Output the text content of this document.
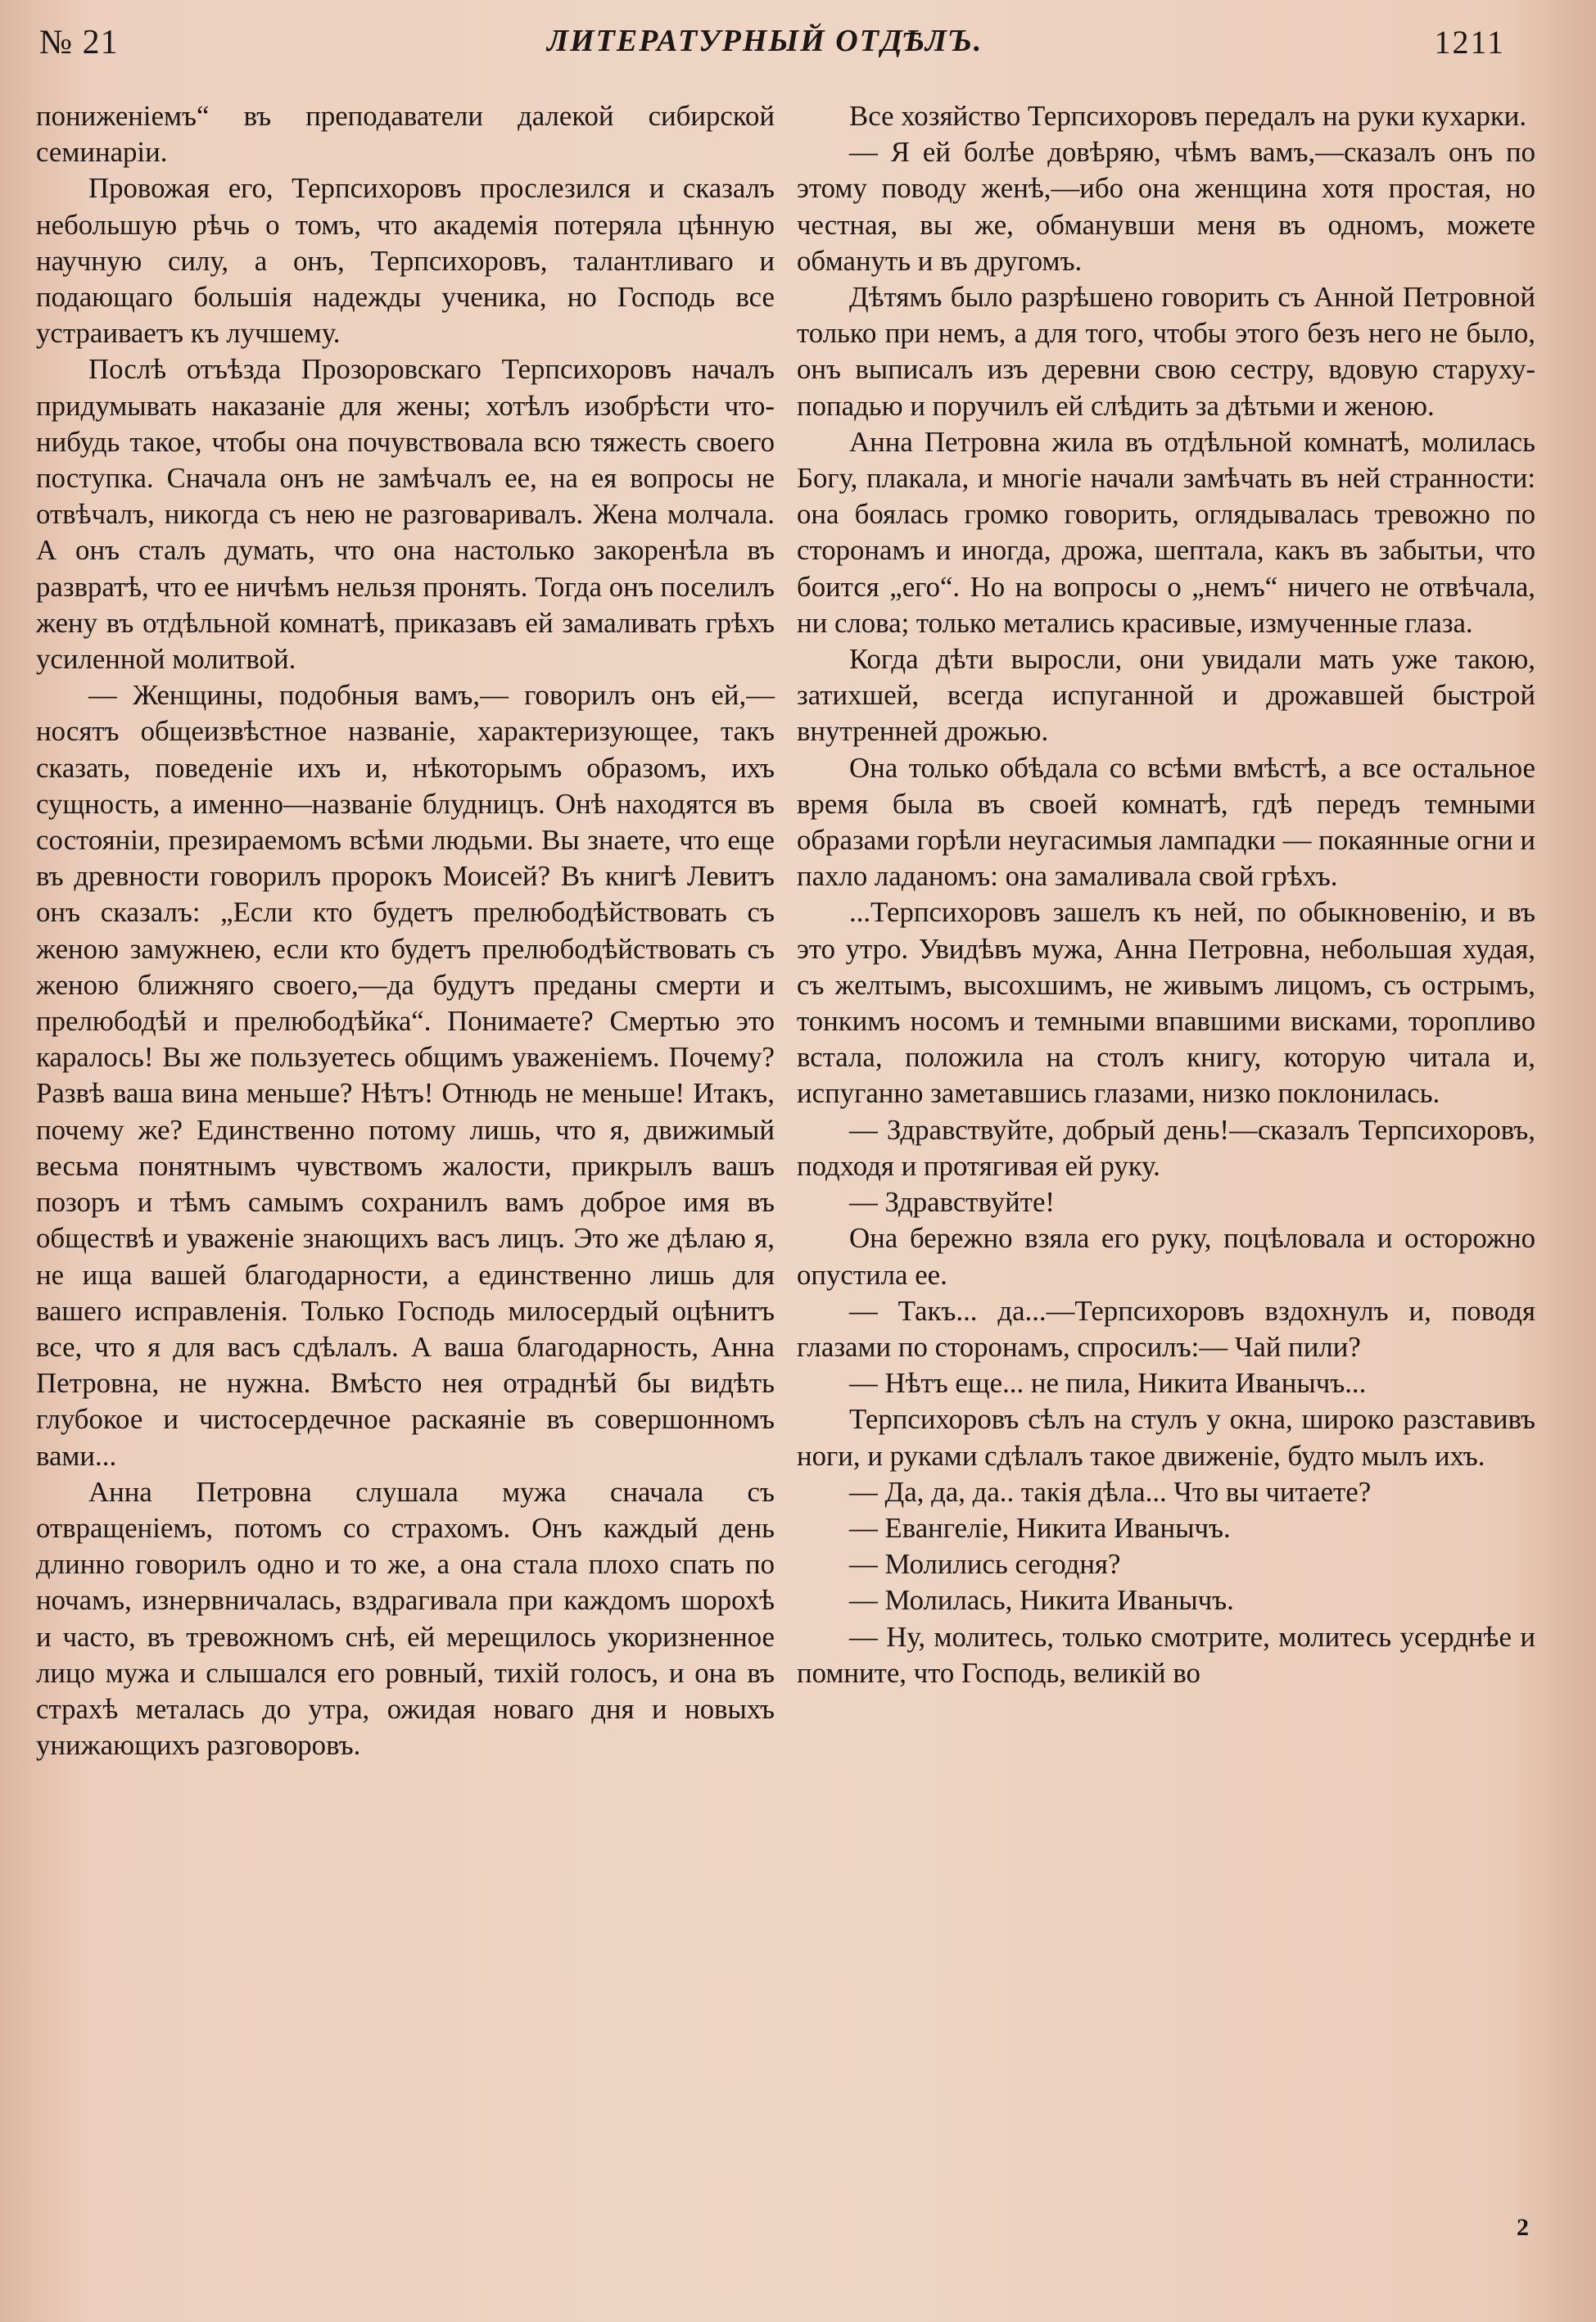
№ 21	ЛИТЕРАТУРНЫЙ ОТДѢЛЪ.	1211

пониженіемъ“ въ преподаватели далекой сибирской семинаріи.

Провожая его, Терпсихоровъ прослезился и сказалъ небольшую рѣчь о томъ, что академія потеряла цѣнную научную силу, а онъ, Терпсихоровъ, талантливаго и подающаго большія надежды ученика, но Господь все устраиваетъ къ лучшему.

Послѣ отъѣзда Прозоровскаго Терпсихоровъ началъ придумывать наказаніе для жены; хотѣлъ изобрѣсти что-нибудь такое, чтобы она почувствовала всю тяжесть своего поступка. Сначала онъ не замѣчалъ ее, на ея вопросы не отвѣчалъ, никогда съ нею не разговаривалъ. Жена молчала. А онъ сталъ думать, что она настолько закоренѣла въ развратѣ, что ее ничѣмъ нельзя пронять. Тогда онъ поселилъ жену въ отдѣльной комнатѣ, приказавъ ей замаливать грѣхъ усиленной молитвой.

— Женщины, подобныя вамъ,— говорилъ онъ ей,—носятъ общеизвѣстное названіе, характеризующее, такъ сказать, поведеніе ихъ и, нѣкоторымъ образомъ, ихъ сущность, а именно—названіе блудницъ. Онѣ находятся въ состояніи, презираемомъ всѣми людьми. Вы знаете, что еще въ древности говорилъ пророкъ Моисей? Въ книгѣ Левитъ онъ сказалъ: „Если кто будетъ прелюбодѣйствовать съ женою замужнею, если кто будетъ прелюбодѣйствовать съ женою ближняго своего,—да будутъ преданы смерти и прелюбодѣй и прелюбодѣйка“. Понимаете? Смертью это каралось! Вы же пользуетесь общимъ уваженіемъ. Почему? Развѣ ваша вина меньше? Нѣтъ! Отнюдь не меньше! Итакъ, почему же? Единственно потому лишь, что я, движимый весьма понятнымъ чувствомъ жалости, прикрылъ вашъ позоръ и тѣмъ самымъ сохранилъ вамъ доброе имя въ обществѣ и уваженіе знающихъ васъ лицъ. Это же дѣлаю я, не ища вашей благодарности, а единственно лишь для вашего исправленія. Только Господь милосердый оцѣнитъ все, что я для васъ сдѣлалъ. А ваша благодарность, Анна Петровна, не нужна. Вмѣсто нея отраднѣй бы видѣть глубокое и чистосердечное раскаяніе въ совершонномъ вами...

Анна Петровна слушала мужа сначала съ отвращеніемъ, потомъ со страхомъ. Онъ каждый день длинно говорилъ одно и то же, а она стала плохо спать по ночамъ, изнервничалась, вздрагивала при каждомъ шорохѣ и часто, въ тревожномъ снѣ, ей мерещилось укоризненное лицо мужа и слышался его ровный, тихій голосъ, и она въ страхѣ металась до утра, ожидая новаго дня и новыхъ унижающихъ разговоровъ.

Все хозяйство Терпсихоровъ передалъ на руки кухарки.

— Я ей болѣе довѣряю, чѣмъ вамъ,—сказалъ онъ по этому поводу женѣ,—ибо она женщина хотя простая, но честная, вы же, обманувши меня въ одномъ, можете обмануть и въ другомъ.

Дѣтямъ было разрѣшено говорить съ Анной Петровной только при немъ, а для того, чтобы этого безъ него не было, онъ выписалъ изъ деревни свою сестру, вдовую старуху-попадью и поручилъ ей слѣдить за дѣтьми и женою.

Анна Петровна жила въ отдѣльной комнатѣ, молилась Богу, плакала, и многіе начали замѣчать въ ней странности: она боялась громко говорить, оглядывалась тревожно по сторонамъ и иногда, дрожа, шептала, какъ въ забытьи, что боится „его“. Но на вопросы о „немъ“ ничего не отвѣчала, ни слова; только метались красивые, измученные глаза.

Когда дѣти выросли, они увидали мать уже такою, затихшей, всегда испуганной и дрожавшей быстрой внутренней дрожью.

Она только обѣдала со всѣми вмѣстѣ, а все остальное время была въ своей комнатѣ, гдѣ передъ темными образами горѣли неугасимыя лампадки — покаянные огни и пахло ладаномъ: она замаливала свой грѣхъ.

...Терпсихоровъ зашелъ къ ней, по обыкновенію, и въ это утро. Увидѣвъ мужа, Анна Петровна, небольшая худая, съ желтымъ, высохшимъ, не живымъ лицомъ, съ острымъ, тонкимъ носомъ и темными впавшими висками, торопливо встала, положила на столъ книгу, которую читала и, испуганно заметавшись глазами, низко поклонилась.

— Здравствуйте, добрый день!—сказалъ Терпсихоровъ, подходя и протягивая ей руку.

— Здравствуйте!

Она бережно взяла его руку, поцѣловала и осторожно опустила ее.

— Такъ... да...—Терпсихоровъ вздохнулъ и, поводя глазами по сторонамъ, спросилъ:— Чай пили?

— Нѣтъ еще... не пила, Никита Иванычъ...

Терпсихоровъ сѣлъ на стулъ у окна, широко разставивъ ноги, и руками сдѣлалъ такое движеніе, будто мылъ ихъ.

— Да, да, да.. такія дѣла... Что вы читаете?

— Евангеліе, Никита Иванычъ.

— Молились сегодня?

— Молилась, Никита Иванычъ.

— Ну, молитесь, только смотрите, молитесь усерднѣе и помните, что Господь, великій во

2
